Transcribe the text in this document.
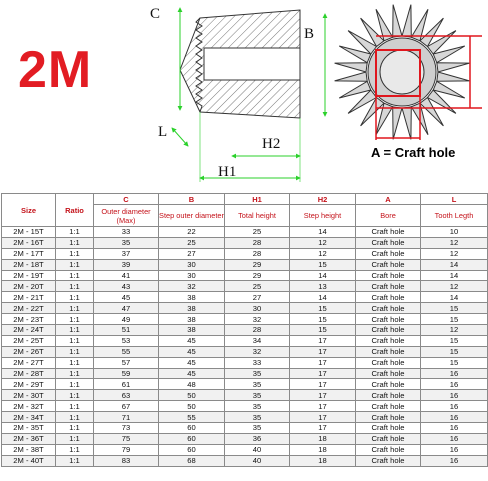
2M
C
B
L
H2
H1
A = Craft hole
Size	Ratio	C	B	H1	H2	A	L
		Outer diameter (Max)	Step outer diameter	Total height	Step height	Bore	Tooth Legth
2M - 15T	1:1	33	22	25	14	Craft hole	10
2M - 16T	1:1	35	25	28	12	Craft hole	12
2M - 17T	1:1	37	27	28	12	Craft hole	12
2M - 18T	1:1	39	30	29	15	Craft hole	14
2M - 19T	1:1	41	30	29	14	Craft hole	14
2M - 20T	1:1	43	32	25	13	Craft hole	12
2M - 21T	1:1	45	38	27	14	Craft hole	14
2M - 22T	1:1	47	38	30	15	Craft hole	15
2M - 23T	1:1	49	38	32	15	Craft hole	15
2M - 24T	1:1	51	38	28	15	Craft hole	12
2M - 25T	1:1	53	45	34	17	Craft hole	15
2M - 26T	1:1	55	45	32	17	Craft hole	15
2M - 27T	1:1	57	45	33	17	Craft hole	15
2M - 28T	1:1	59	45	35	17	Craft hole	16
2M - 29T	1:1	61	48	35	17	Craft hole	16
2M - 30T	1:1	63	50	35	17	Craft hole	16
2M - 32T	1:1	67	50	35	17	Craft hole	16
2M - 34T	1:1	71	55	35	17	Craft hole	16
2M - 35T	1:1	73	60	35	17	Craft hole	16
2M - 36T	1:1	75	60	36	18	Craft hole	16
2M - 38T	1:1	79	60	40	18	Craft hole	16
2M - 40T	1:1	83	68	40	18	Craft hole	16
